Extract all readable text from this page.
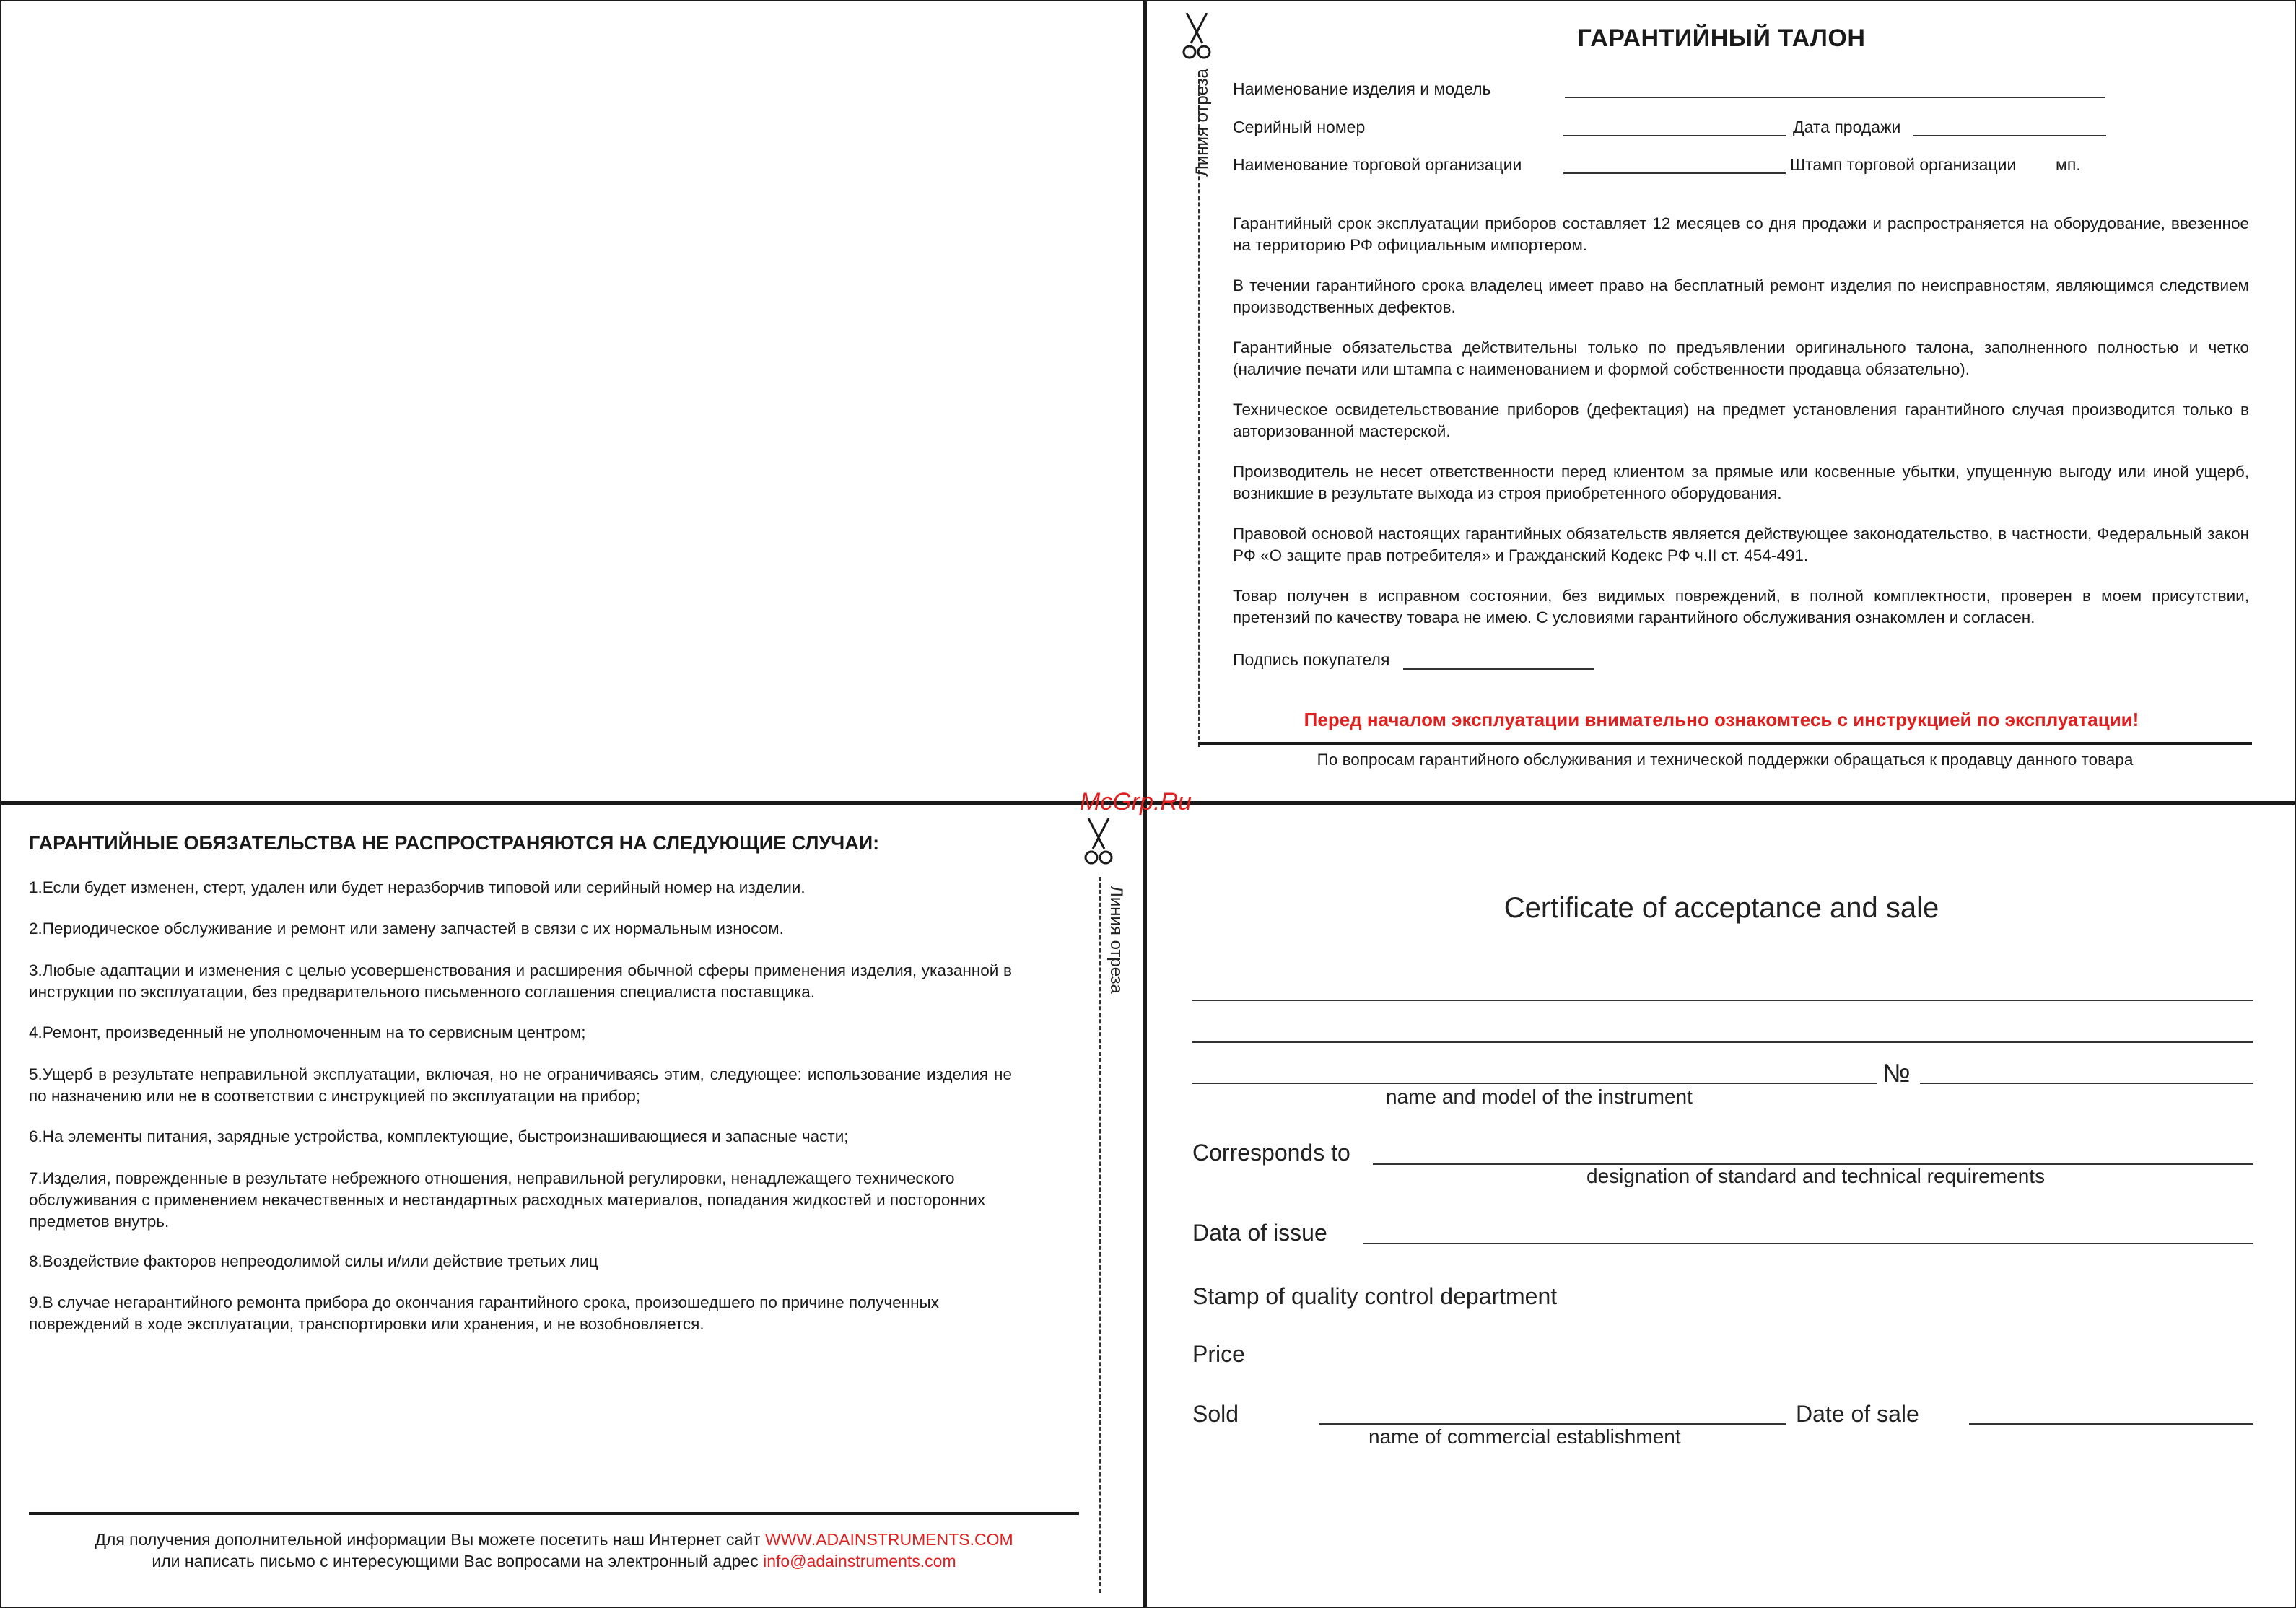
Линия отреза
ГАРАНТИЙНЫЙ ТАЛОН
Наименование изделия и модель
Серийный номер	Дата продажи
Наименование торговой организации	Штамп торговой организации мп.
Гарантийный срок эксплуатации приборов составляет 12 месяцев со дня продажи и распространяется на оборудование, ввезенное на территорию РФ официальным импортером.
В течении гарантийного срока владелец имеет право на бесплатный ремонт изделия по неисправностям, являющимся следствием производственных дефектов.
Гарантийные обязательства действительны только по предъявлении оригинального талона, заполненного полностью и четко (наличие печати или штампа с наименованием и формой собственности продавца обязательно).
Техническое освидетельствование приборов (дефектация) на предмет установления гарантийного случая производится только в авторизованной мастерской.
Производитель не несет ответственности перед клиентом за прямые или косвенные убытки, упущенную выгоду или иной ущерб, возникшие в результате выхода из строя приобретенного оборудования.
Правовой основой настоящих гарантийных обязательств является действующее законодательство, в частности, Федеральный закон РФ «О защите прав потребителя» и Гражданский Кодекс РФ ч.II ст. 454-491.
Товар получен в исправном состоянии, без видимых повреждений, в полной комплектности, проверен в моем присутствии, претензий по качеству товара не имею. С условиями гарантийного обслуживания ознакомлен и согласен.
Подпись покупателя
Перед началом эксплуатации внимательно ознакомтесь с инструкцией по эксплуатации!
По вопросам гарантийного обслуживания и технической поддержки обращаться к продавцу данного товара
McGrp.Ru
ГАРАНТИЙНЫЕ ОБЯЗАТЕЛЬСТВА НЕ РАСПРОСТРАНЯЮТСЯ НА СЛЕДУЮЩИЕ СЛУЧАИ:
Линия отреза
1.Если будет изменен, стерт, удален или будет неразборчив типовой или серийный номер на изделии.
2.Периодическое обслуживание и ремонт или замену запчастей в связи с их нормальным износом.
3.Любые адаптации и изменения с целью усовершенствования и расширения обычной сферы применения изделия, указанной в инструкции по эксплуатации, без предварительного письменного соглашения специалиста поставщика.
4.Ремонт, произведенный не уполномоченным на то сервисным центром;
5.Ущерб в результате неправильной эксплуатации, включая, но не ограничиваясь этим, следующее: использование изделия не по назначению или не в соответствии с инструкцией по эксплуатации на прибор;
6.На элементы питания, зарядные устройства, комплектующие, быстроизнашивающиеся и запасные части;
7.Изделия, поврежденные в результате небрежного отношения, неправильной регулировки, ненадлежащего технического обслуживания с применением некачественных и нестандартных расходных материалов, попадания жидкостей и посторонних предметов внутрь.
8.Воздействие факторов непреодолимой силы и/или действие третьих лиц
9.В случае негарантийного ремонта прибора до окончания гарантийного срока, произошедшего по причине полученных повреждений в ходе эксплуатации, транспортировки или хранения, и не возобновляется.
Для получения дополнительной информации Вы можете посетить наш Интернет сайт WWW.ADAINSTRUMENTS.COM
или написать письмо с интересующими Вас вопросами на электронный адрес info@adainstruments.com
Certificate of acceptance and sale
№
name and model of the instrument
Corresponds to
designation of standard and technical requirements
Data of issue
Stamp of quality control department
Price
Sold	Date of sale
name of commercial establishment
